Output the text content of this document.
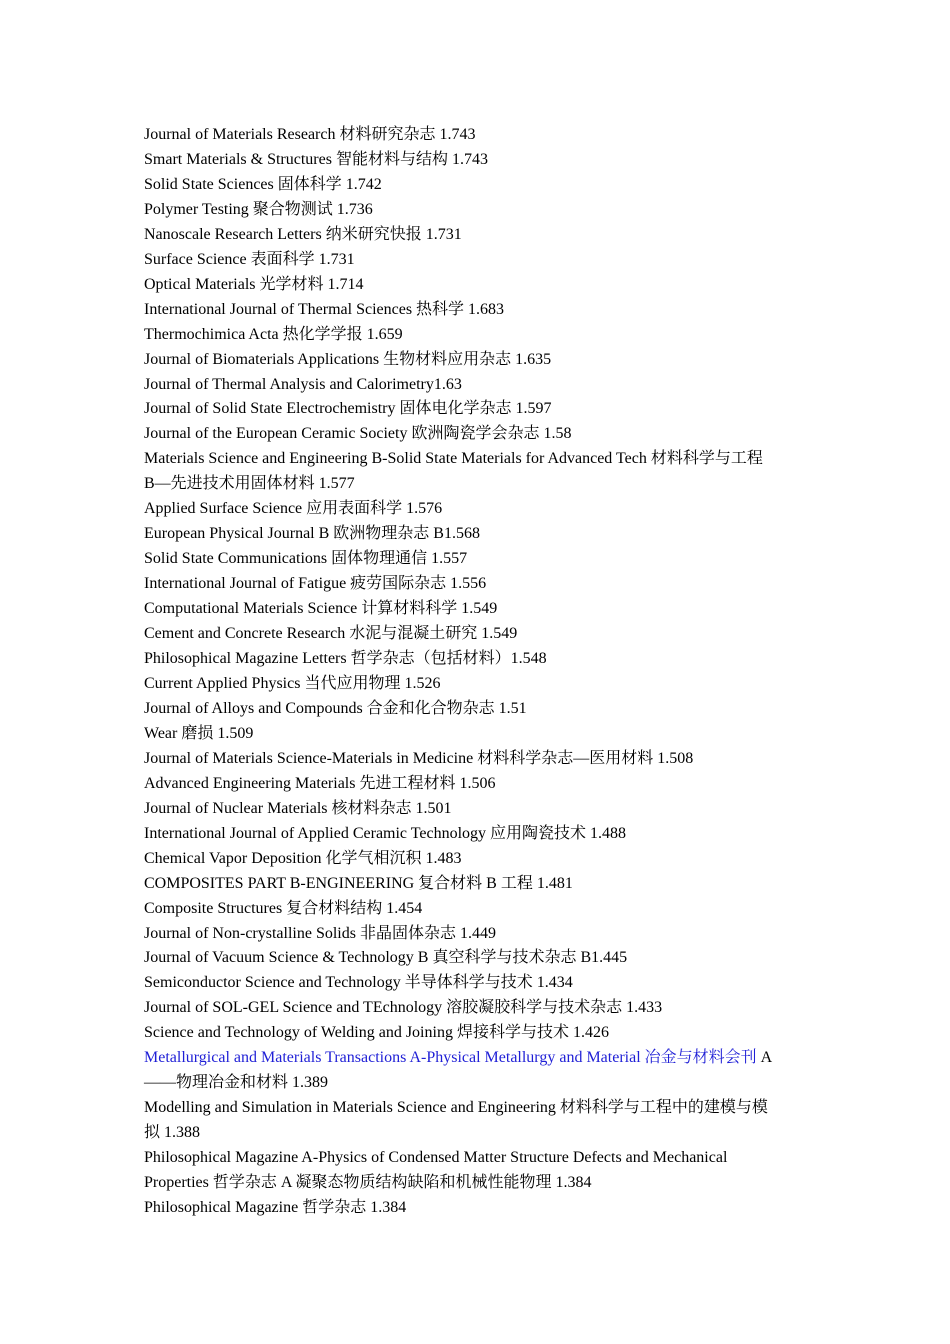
Journal of Materials Research 材料研究杂志 1.743
Smart Materials & Structures 智能材料与结构 1.743
Solid State Sciences 固体科学 1.742
Polymer Testing 聚合物测试 1.736
Nanoscale Research Letters 纳米研究快报 1.731
Surface Science 表面科学 1.731
Optical Materials 光学材料 1.714
International Journal of Thermal Sciences 热科学 1.683
Thermochimica Acta 热化学学报 1.659
Journal of Biomaterials Applications 生物材料应用杂志 1.635
Journal of Thermal Analysis and Calorimetry1.63
Journal of Solid State Electrochemistry 固体电化学杂志 1.597
Journal of the European Ceramic Society 欧洲陶瓷学会杂志 1.58
Materials Science and Engineering B-Solid State Materials for Advanced Tech 材料科学与工程
B—先进技术用固体材料 1.577
Applied Surface Science 应用表面科学 1.576
European Physical Journal B 欧洲物理杂志 B1.568
Solid State Communications 固体物理通信 1.557
International Journal of Fatigue 疲劳国际杂志 1.556
Computational Materials Science 计算材料科学 1.549
Cement and Concrete Research 水泥与混凝土研究 1.549
Philosophical Magazine Letters 哲学杂志（包括材料）1.548
Current Applied Physics 当代应用物理 1.526
Journal of Alloys and Compounds 合金和化合物杂志 1.51
Wear 磨损 1.509
Journal of Materials Science-Materials in Medicine 材料科学杂志—医用材料 1.508
Advanced Engineering Materials 先进工程材料 1.506
Journal of Nuclear Materials 核材料杂志 1.501
International Journal of Applied Ceramic Technology 应用陶瓷技术 1.488
Chemical Vapor Deposition 化学气相沉积 1.483
COMPOSITES PART B-ENGINEERING 复合材料 B 工程 1.481
Composite Structures 复合材料结构 1.454
Journal of Non-crystalline Solids 非晶固体杂志 1.449
Journal of Vacuum Science & Technology B 真空科学与技术杂志 B1.445
Semiconductor Science and Technology 半导体科学与技术 1.434
Journal of SOL-GEL Science and TEchnology 溶胶凝胶科学与技术杂志 1.433
Science and Technology of Welding and Joining 焊接科学与技术 1.426
Metallurgical and Materials Transactions A-Physical Metallurgy and Material 冶金与材料会刊 A
——物理冶金和材料 1.389
Modelling and Simulation in Materials Science and Engineering 材料科学与工程中的建模与模
拟 1.388
Philosophical Magazine A-Physics of Condensed Matter Structure Defects and Mechanical
Properties 哲学杂志 A 凝聚态物质结构缺陷和机械性能物理 1.384
Philosophical Magazine 哲学杂志 1.384
